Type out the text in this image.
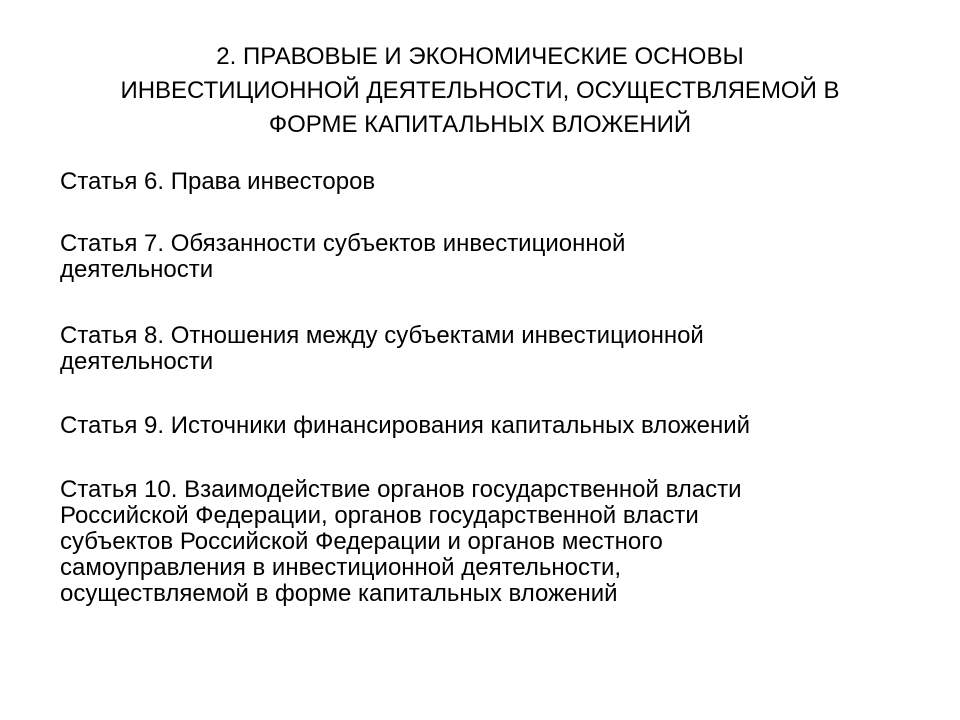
2. ПРАВОВЫЕ И ЭКОНОМИЧЕСКИЕ ОСНОВЫ
ИНВЕСТИЦИОННОЙ ДЕЯТЕЛЬНОСТИ, ОСУЩЕСТВЛЯЕМОЙ В
ФОРМЕ КАПИТАЛЬНЫХ ВЛОЖЕНИЙ
Статья 6. Права инвесторов
Статья 7. Обязанности субъектов инвестиционной
деятельности
Статья 8. Отношения между субъектами инвестиционной
деятельности
Статья 9. Источники финансирования капитальных вложений
Статья 10. Взаимодействие органов государственной власти
Российской Федерации, органов государственной власти
субъектов Российской Федерации и органов местного
самоуправления в инвестиционной деятельности,
осуществляемой в форме капитальных вложений
